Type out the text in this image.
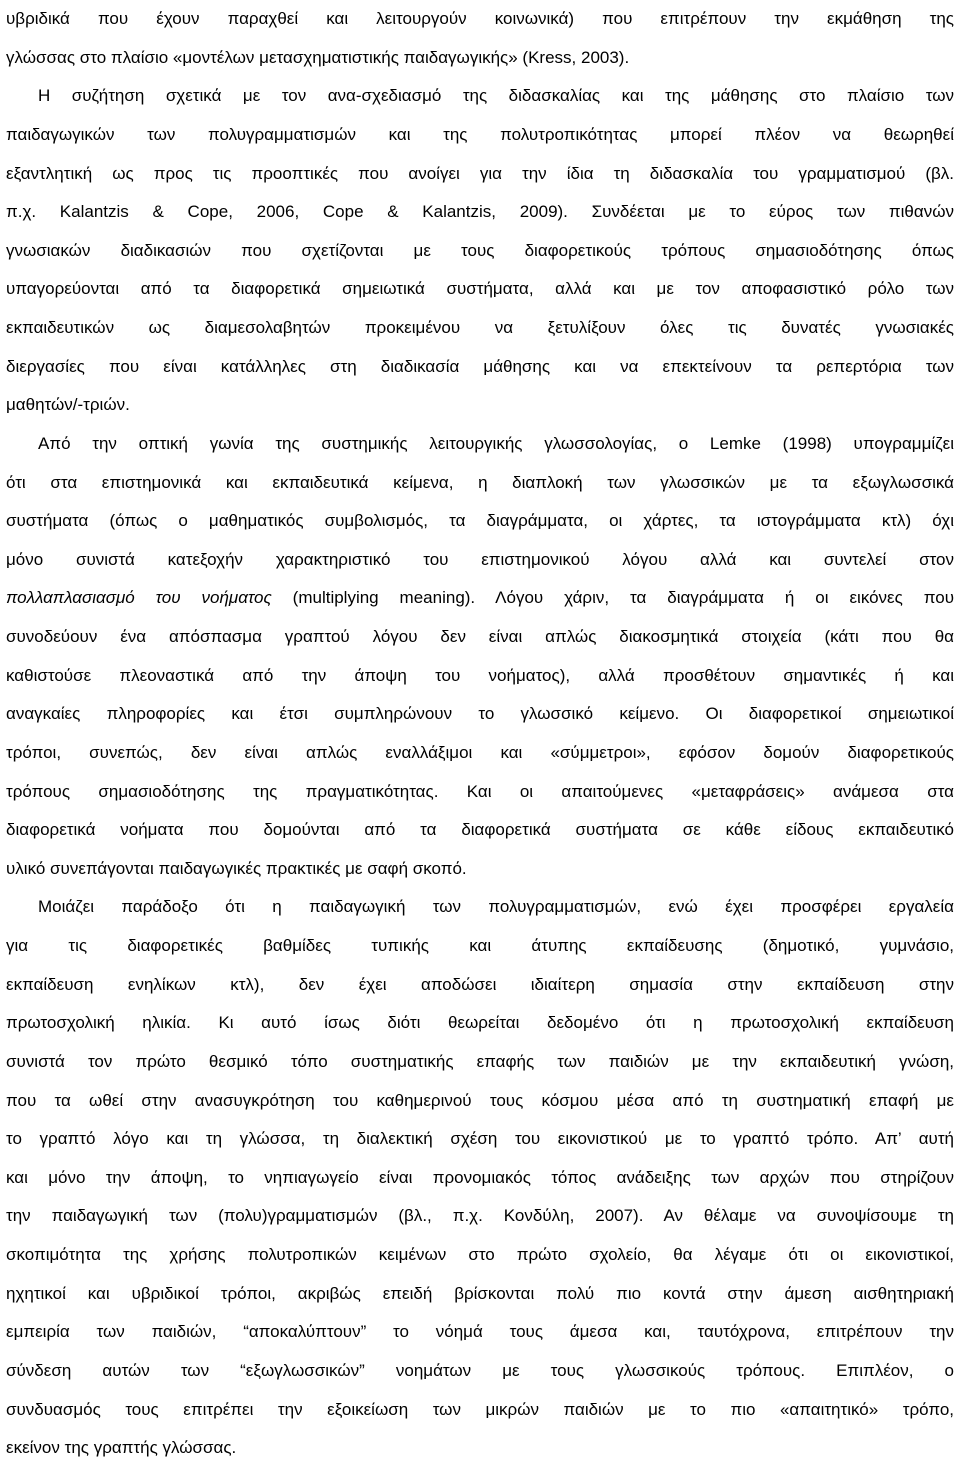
υβριδικά που έχουν παραχθεί και λειτουργούν κοινωνικά) που επιτρέπουν την εκμάθηση της
γλώσσας στο πλαίσιο «μοντέλων μετασχηματιστικής παιδαγωγικής» (Kress, 2003).
Η συζήτηση σχετικά με τον ανα-σχεδιασμό της διδασκαλίας και της μάθησης στο πλαίσιο των
παιδαγωγικών των πολυγραμματισμών και της πολυτροπικότητας μπορεί πλέον να θεωρηθεί
εξαντλητική ως προς τις προοπτικές που ανοίγει για την ίδια τη διδασκαλία του γραμματισμού (βλ.
π.χ. Kalantzis & Cope, 2006, Cope & Kalantzis, 2009). Συνδέεται με το εύρος των πιθανών
γνωσιακών διαδικασιών που σχετίζονται με τους διαφορετικούς τρόπους σημασιοδότησης όπως
υπαγορεύονται από τα διαφορετικά σημειωτικά συστήματα, αλλά και με τον αποφασιστικό ρόλο των
εκπαιδευτικών ως διαμεσολαβητών προκειμένου να ξετυλίξουν όλες τις δυνατές γνωσιακές
διεργασίες που είναι κατάλληλες στη διαδικασία μάθησης και να επεκτείνουν τα ρεπερτόρια των
μαθητών/-τριών.
Από την οπτική γωνία της συστημικής λειτουργικής γλωσσολογίας, ο Lemke (1998) υπογραμμίζει
ότι στα επιστημονικά και εκπαιδευτικά κείμενα, η διαπλοκή των γλωσσικών με τα εξωγλωσσικά
συστήματα (όπως ο μαθηματικός συμβολισμός, τα διαγράμματα, οι χάρτες, τα ιστογράμματα κτλ) όχι
μόνο συνιστά κατεξοχήν χαρακτηριστικό του επιστημονικού λόγου αλλά και συντελεί στον
πολλαπλασιασμό του νοήματος (multiplying meaning). Λόγου χάριν, τα διαγράμματα ή οι εικόνες που
συνοδεύουν ένα απόσπασμα γραπτού λόγου δεν είναι απλώς διακοσμητικά στοιχεία (κάτι που θα
καθιστούσε πλεοναστικά από την άποψη του νοήματος), αλλά προσθέτουν σημαντικές ή και
αναγκαίες πληροφορίες και έτσι συμπληρώνουν το γλωσσικό κείμενο. Οι διαφορετικοί σημειωτικοί
τρόποι, συνεπώς, δεν είναι απλώς εναλλάξιμοι και «σύμμετροι», εφόσον δομούν διαφορετικούς
τρόπους σημασιοδότησης της πραγματικότητας. Και οι απαιτούμενες «μεταφράσεις» ανάμεσα στα
διαφορετικά νοήματα που δομούνται από τα διαφορετικά συστήματα σε κάθε είδους εκπαιδευτικό
υλικό συνεπάγονται παιδαγωγικές πρακτικές με σαφή σκοπό.
Μοιάζει παράδοξο ότι η παιδαγωγική των πολυγραμματισμών, ενώ έχει προσφέρει εργαλεία
για τις διαφορετικές βαθμίδες τυπικής και άτυπης εκπαίδευσης (δημοτικό, γυμνάσιο,
εκπαίδευση ενηλίκων κτλ), δεν έχει αποδώσει ιδιαίτερη σημασία στην εκπαίδευση στην
πρωτοσχολική ηλικία. Κι αυτό ίσως διότι θεωρείται δεδομένο ότι η πρωτοσχολική εκπαίδευση
συνιστά τον πρώτο θεσμικό τόπο συστηματικής επαφής των παιδιών με την εκπαιδευτική γνώση,
που τα ωθεί στην ανασυγκρότηση του καθημερινού τους κόσμου μέσα από τη συστηματική επαφή με
το γραπτό λόγο και τη γλώσσα, τη διαλεκτική σχέση του εικονιστικού με το γραπτό τρόπο. Απ’ αυτή
και μόνο την άποψη, το νηπιαγωγείο είναι προνομιακός τόπος ανάδειξης των αρχών που στηρίζουν
την παιδαγωγική των (πολυ)γραμματισμών (βλ., π.χ. Κονδύλη, 2007). Αν θέλαμε να συνοψίσουμε τη
σκοπιμότητα της χρήσης πολυτροπικών κειμένων στο πρώτο σχολείο, θα λέγαμε ότι οι εικονιστικοί,
ηχητικοί και υβριδικοί τρόποι, ακριβώς επειδή βρίσκονται πολύ πιο κοντά στην άμεση αισθητηριακή
εμπειρία των παιδιών, “αποκαλύπτουν” το νόημά τους άμεσα και, ταυτόχρονα, επιτρέπουν την
σύνδεση αυτών των “εξωγλωσσικών” νοημάτων με τους γλωσσικούς τρόπους. Επιπλέον, ο
συνδυασμός τους επιτρέπει την εξοικείωση των μικρών παιδιών με το πιο «απαιτητικό» τρόπο,
εκείνον της γραπτής γλώσσας.
